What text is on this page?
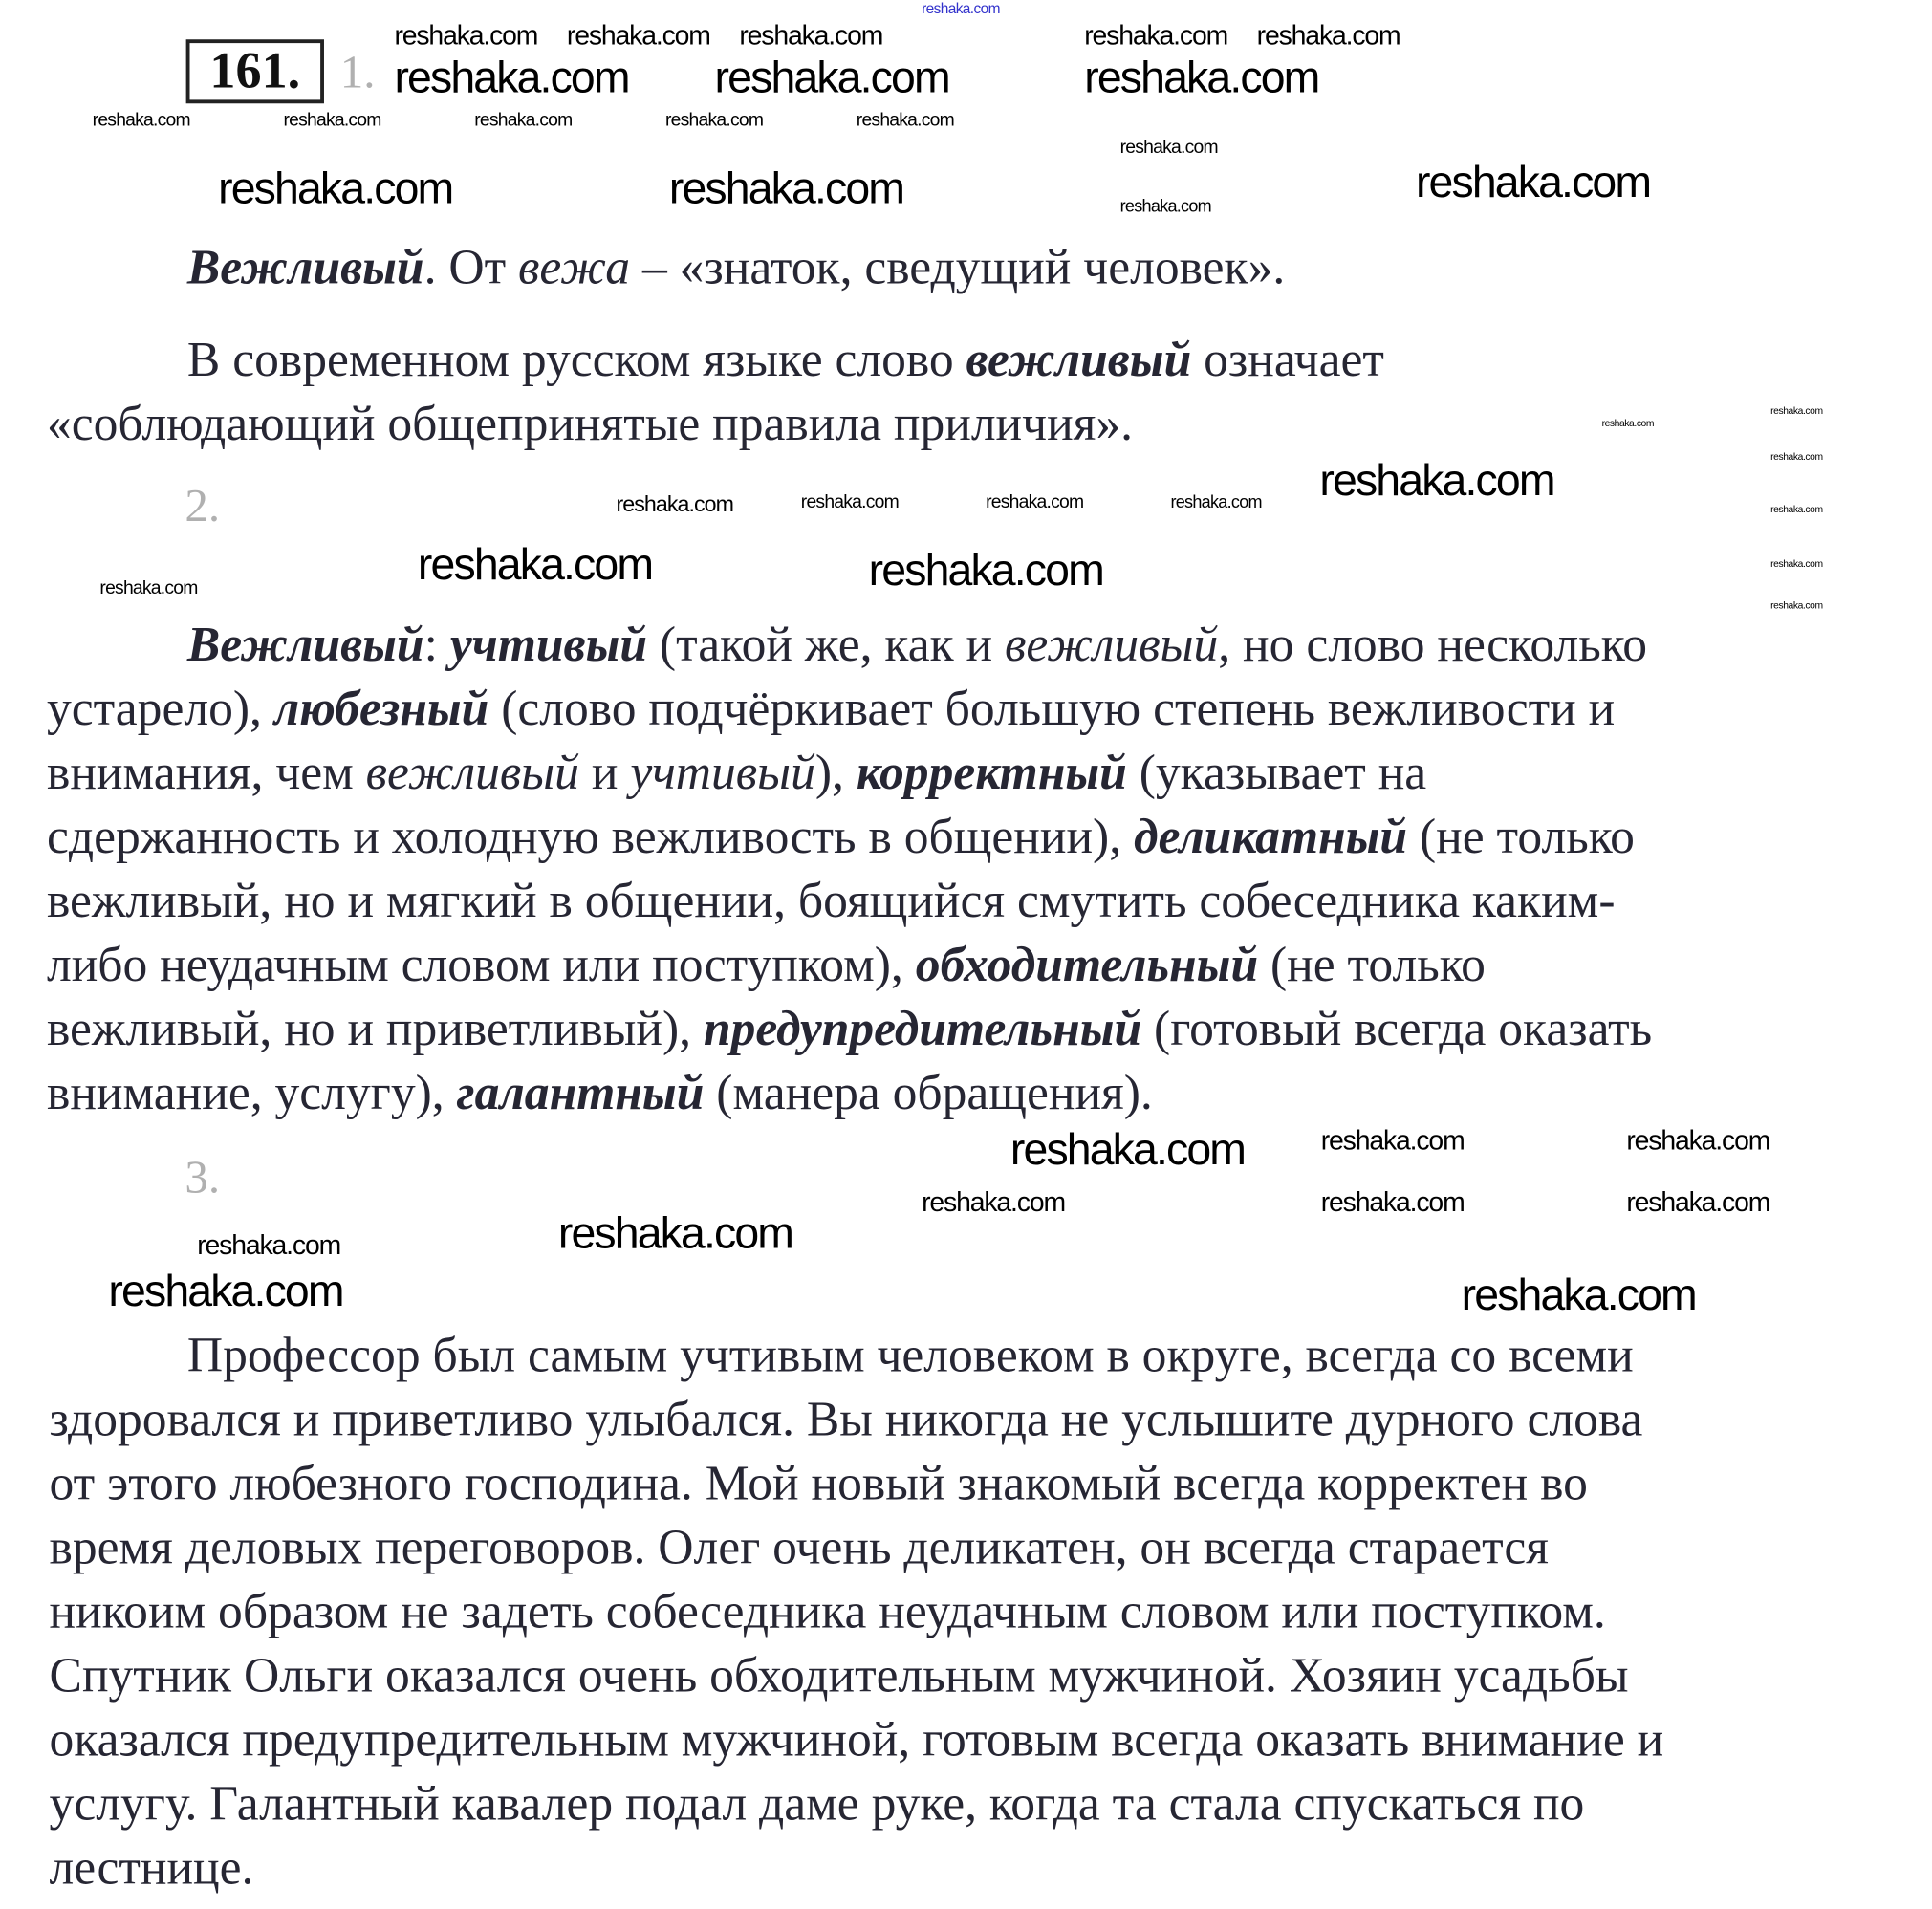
161.	1.
2.
3.
Вежливый. От вежа – «знаток, сведущий человек».
В современном русском языке слово вежливый означает
«соблюдающий общепринятые правила приличия».
Вежливый: учтивый (такой же, как и вежливый, но слово несколько
устарело), любезный (слово подчёркивает большую степень вежливости и
внимания, чем вежливый и учтивый), корректный (указывает на
сдержанность и холодную вежливость в общении), деликатный (не только
вежливый, но и мягкий в общении, боящийся смутить собеседника каким-
либо неудачным словом или поступком), обходительный (не только
вежливый, но и приветливый), предупредительный (готовый всегда оказать
внимание, услугу), галантный (манера обращения).
Профессор был самым учтивым человеком в округе, всегда со всеми
здоровался и приветливо улыбался. Вы никогда не услышите дурного слова
от этого любезного господина. Мой новый знакомый всегда корректен во
время деловых переговоров. Олег очень деликатен, он всегда старается
никоим образом не задеть собеседника неудачным словом или поступком.
Спутник Ольги оказался очень обходительным мужчиной. Хозяин усадьбы
оказался предупредительным мужчиной, готовым всегда оказать внимание и
услугу. Галантный кавалер подал даме руке, когда та стала спускаться по
лестнице.
reshaka.com
reshaka.com	reshaka.com	reshaka.com	reshaka.com	reshaka.com
reshaka.com
reshaka.com
reshaka.com
reshaka.com	reshaka.com
reshaka.com
reshaka.com
reshaka.com	reshaka.com
reshaka.com	reshaka.com
reshaka.com	reshaka.com
reshaka.com reshaka.com reshaka.com	reshaka.com reshaka.com
reshaka.com
reshaka.com
reshaka.com
reshaka.com
reshaka.com
reshaka.com
reshaka.com
reshaka.com	reshaka.com
reshaka.com
reshaka.com	reshaka.com
reshaka.com reshaka.com
reshaka.com
reshaka.com
reshaka.com	reshaka.com
reshaka.com
